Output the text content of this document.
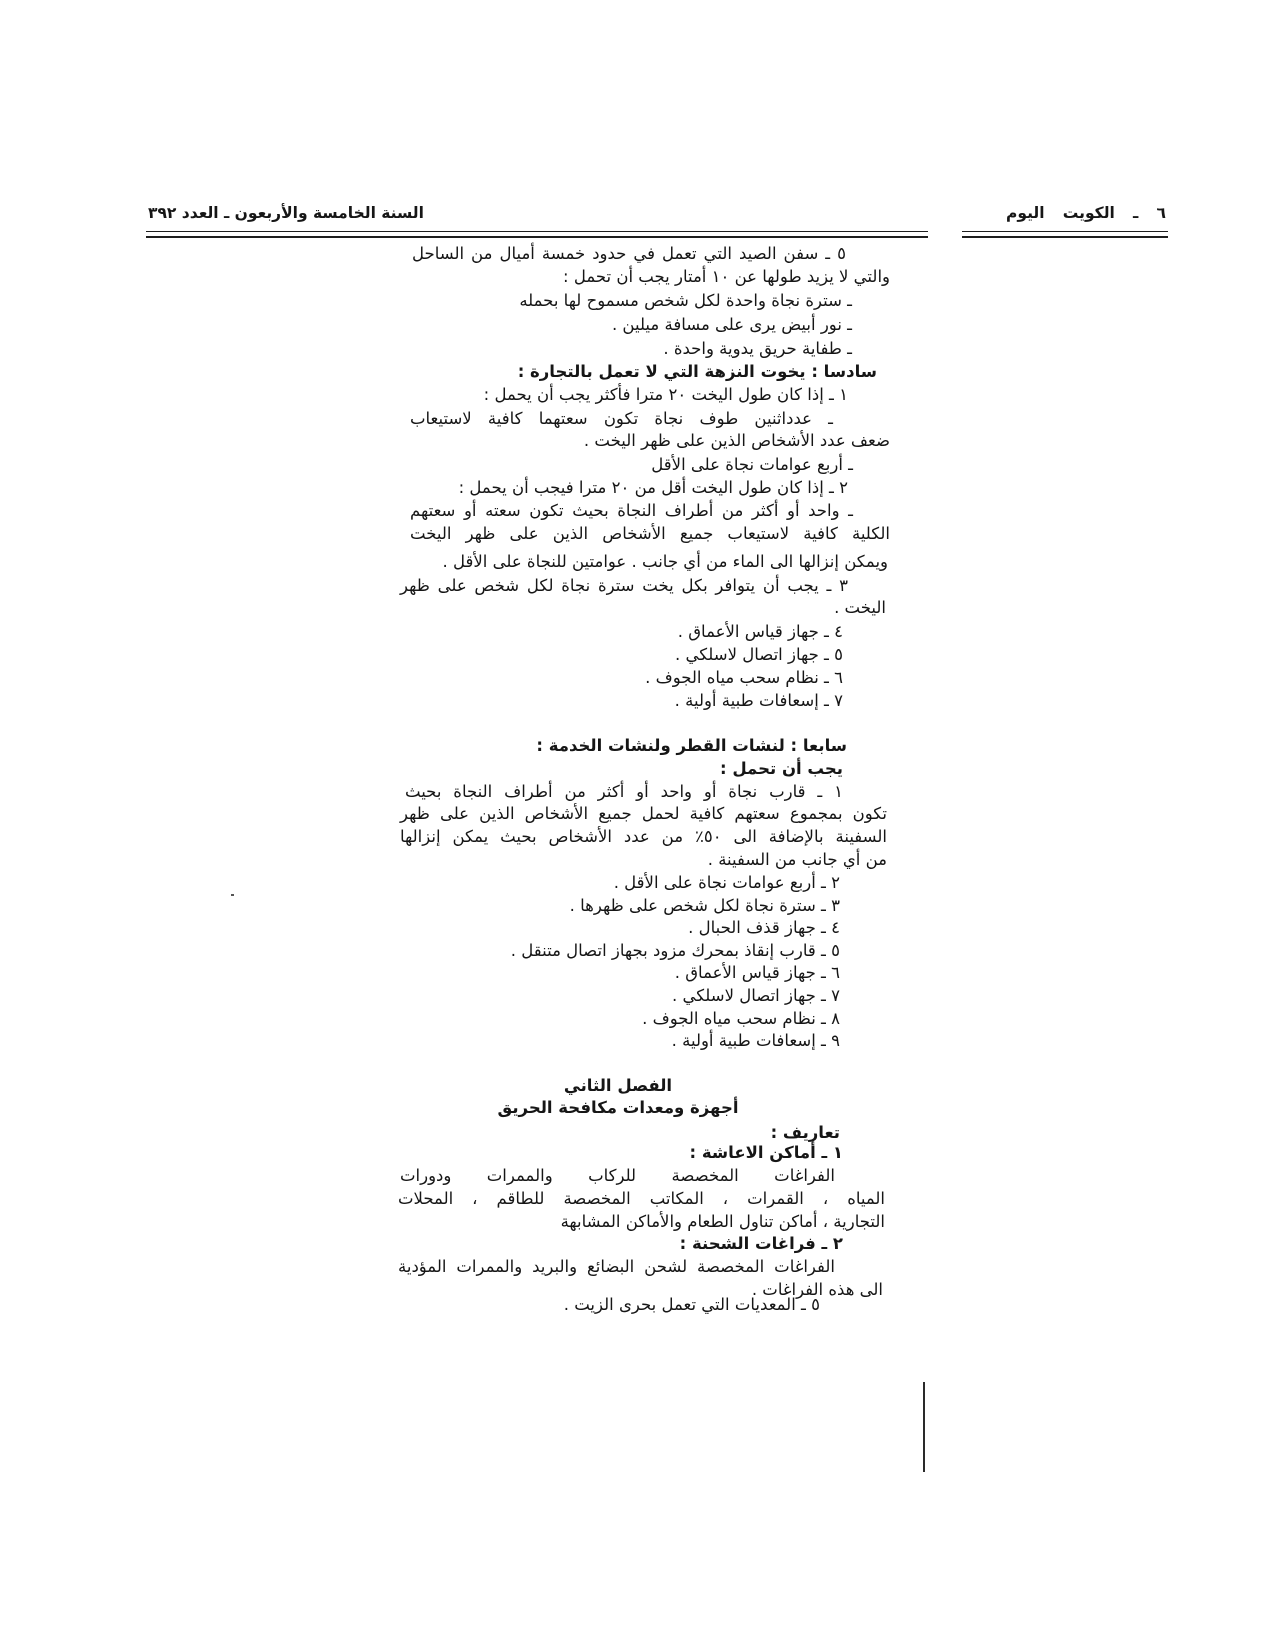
٦ ـ الكويت اليوم
السنة الخامسة والأربعون ـ العدد ٣٩٢
٥ ـ سفن الصيد التي تعمل في حدود خمسة أميال من الساحل
والتي لا يزيد طولها عن ١٠ أمتار يجب أن تحمل :
ـ سترة نجاة واحدة لكل شخص مسموح لها بحمله
ـ نور أبيض يرى على مسافة ميلين .
ـ طفاية حريق يدوية واحدة .
سادسا : يخوت النزهة التي لا تعمل بالتجارة :
١ ـ إذا كان طول اليخت ٢٠ مترا فأكثر يجب أن يحمل :
ـ عدداثنين طوف نجاة تكون سعتهما كافية لاستيعاب
ضعف عدد الأشخاص الذين على ظهر اليخت .
ـ أربع عوامات نجاة على الأقل
٢ ـ إذا كان طول اليخت أقل من ٢٠ مترا فيجب أن يحمل :
ـ واحد أو أكثر من أطراف النجاة بحيث تكون سعته أو سعتهم
الكلية كافية لاستيعاب جميع الأشخاص الذين على ظهر اليخت
ويمكن إنزالها الى الماء من أي جانب . عوامتين للنجاة على الأقل .
٣ ـ يجب أن يتوافر بكل يخت سترة نجاة لكل شخص على ظهر
اليخت .
٤ ـ جهاز قياس الأعماق .
٥ ـ جهاز اتصال لاسلكي .
٦ ـ نظام سحب مياه الجوف .
٧ ـ إسعافات طبية أولية .
سابعا : لنشات القطر ولنشات الخدمة :
يجب أن تحمل :
١ ـ قارب نجاة أو واحد أو أكثر من أطراف النجاة بحيث
تكون بمجموع سعتهم كافية لحمل جميع الأشخاص الذين على ظهر
السفينة بالإضافة الى ٥٠٪ من عدد الأشخاص بحيث يمكن إنزالها
من أي جانب من السفينة .
٢ ـ أربع عوامات نجاة على الأقل .
٣ ـ سترة نجاة لكل شخص على ظهرها .
٤ ـ جهاز قذف الحبال .
٥ ـ قارب إنقاذ بمحرك مزود بجهاز اتصال متنقل .
٦ ـ جهاز قياس الأعماق .
٧ ـ جهاز اتصال لاسلكي .
٨ ـ نظام سحب مياه الجوف .
٩ ـ إسعافات طبية أولية .
الفصل الثاني
أجهزة ومعدات مكافحة الحريق
تعاريف :
١ ـ أماكن الاعاشة :
الفراغات المخصصة للركاب والممرات ودورات
المياه ، القمرات ، المكاتب المخصصة للطاقم ، المحلات
التجارية ، أماكن تناول الطعام والأماكن المشابهة
٢ ـ فراغات الشحنة :
الفراغات المخصصة لشحن البضائع والبريد والممرات المؤدية
الى هذه الفراغات .
٥ ـ المعديات التي تعمل بحرى الزيت .
